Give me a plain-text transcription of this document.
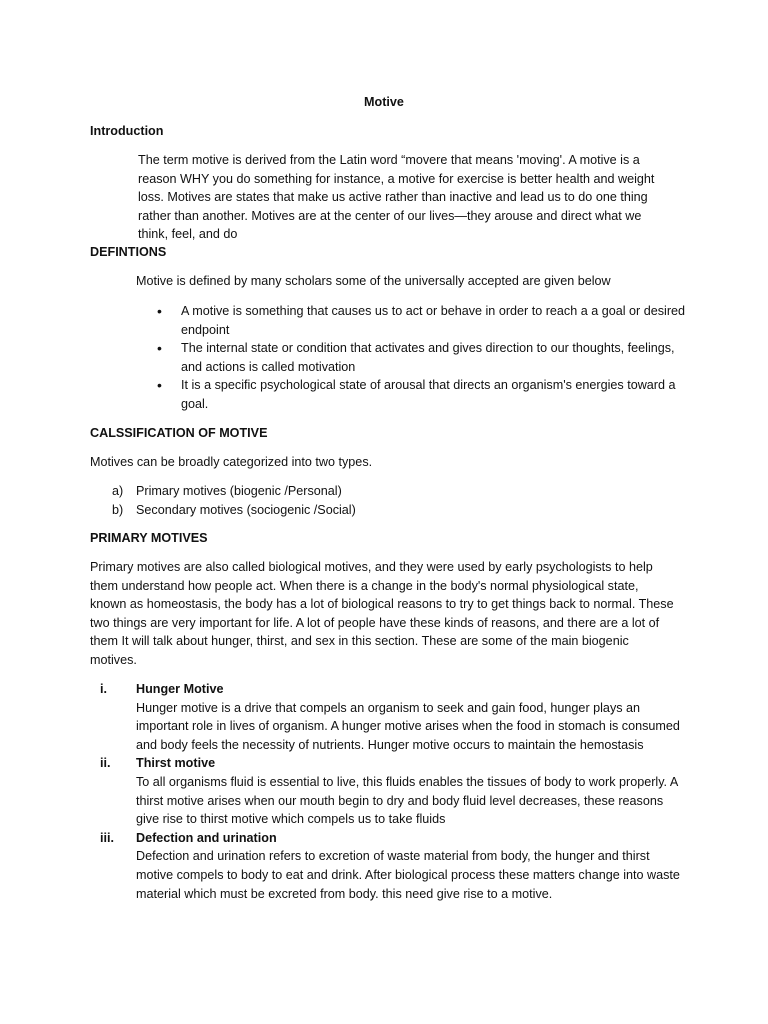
Motive
Introduction

The term motive is derived from the Latin word “movere that means 'moving'. A motive is a reason WHY you do something for instance, a motive for exercise is better health and weight loss. Motives are states that make us active rather than inactive and lead us to do one thing rather than another. Motives are at the center of our lives—they arouse and direct what we think, feel, and do

DEFINTIONS

Motive is defined by many scholars some of the universally accepted are given below

• A motive is something that causes us to act or behave in order to reach a a goal or desired endpoint
• The internal state or condition that activates and gives direction to our thoughts, feelings, and actions is called motivation
• It is a specific psychological state of arousal that directs an organism's energies toward a goal.
CALSSIFICATION OF MOTIVE

Motives can be broadly categorized into two types.

a) Primary motives (biogenic /Personal)
b) Secondary motives (sociogenic /Social)
PRIMARY MOTIVES

Primary motives are also called biological motives, and they were used by early psychologists to help them understand how people act. When there is a change in the body's normal physiological state, known as homeostasis, the body has a lot of biological reasons to try to get things back to normal. These two things are very important for life. A lot of people have these kinds of reasons, and there are a lot of them It will talk about hunger, thirst, and sex in this section. These are some of the main biogenic motives.

i. Hunger Motive
Hunger motive is a drive that compels an organism to seek and gain food, hunger plays an important role in lives of organism. A hunger motive arises when the food in stomach is consumed and body feels the necessity of nutrients. Hunger motive occurs to maintain the hemostasis
ii. Thirst motive
To all organisms fluid is essential to live, this fluids enables the tissues of body to work properly. A thirst motive arises when our mouth begin to dry and body fluid level decreases, these reasons give rise to thirst motive which compels us to take fluids
iii. Defection and urination
Defection and urination refers to excretion of waste material from body, the hunger and thirst motive compels to body to eat and drink. After biological process these matters change into waste material which must be excreted from body. this need give rise to a motive.
